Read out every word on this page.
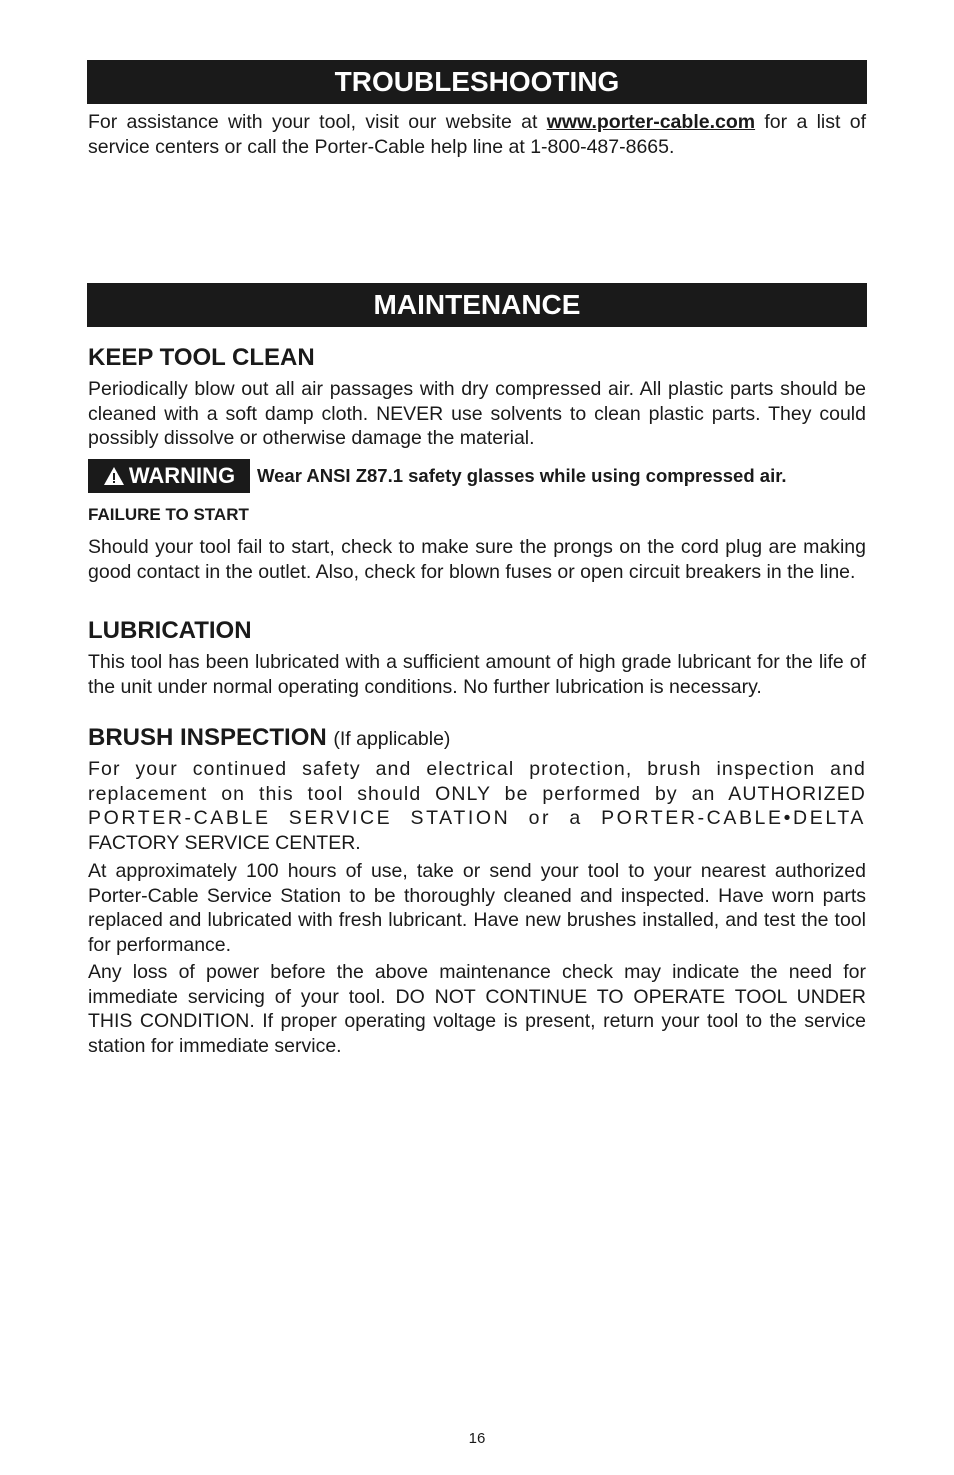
TROUBLESHOOTING

For assistance with your tool, visit our website at www.porter-cable.com for a list of service centers or call the Porter-Cable help line at 1-800-487-8665.

MAINTENANCE
KEEP TOOL CLEAN

Periodically blow out all air passages with dry compressed air. All plastic parts should be cleaned with a soft damp cloth. NEVER use solvents to clean plastic parts. They could possibly dissolve or otherwise damage the material.

WARNING Wear ANSI Z87.1 safety glasses while using compressed air.
FAILURE TO START

Should your tool fail to start, check to make sure the prongs on the cord plug are making good contact in the outlet. Also, check for blown fuses or open circuit breakers in the line.

LUBRICATION

This tool has been lubricated with a sufficient amount of high grade lubricant for the life of the unit under normal operating conditions. No further lubrication is necessary.

BRUSH INSPECTION (If applicable)
For your continued safety and electrical protection, brush inspection and
replacement on this tool should ONLY be performed by an AUTHORIZED
PORTER-CABLE SERVICE STATION or a PORTER-CABLE•DELTA
FACTORY SERVICE CENTER.

At approximately 100 hours of use, take or send your tool to your nearest authorized Porter-Cable Service Station to be thoroughly cleaned and inspected. Have worn parts replaced and lubricated with fresh lubricant. Have new brushes installed, and test the tool for performance.

Any loss of power before the above maintenance check may indicate the need for immediate servicing of your tool. DO NOT CONTINUE TO OPERATE TOOL UNDER THIS CONDITION. If proper operating voltage is present, return your tool to the service station for immediate service.

16
